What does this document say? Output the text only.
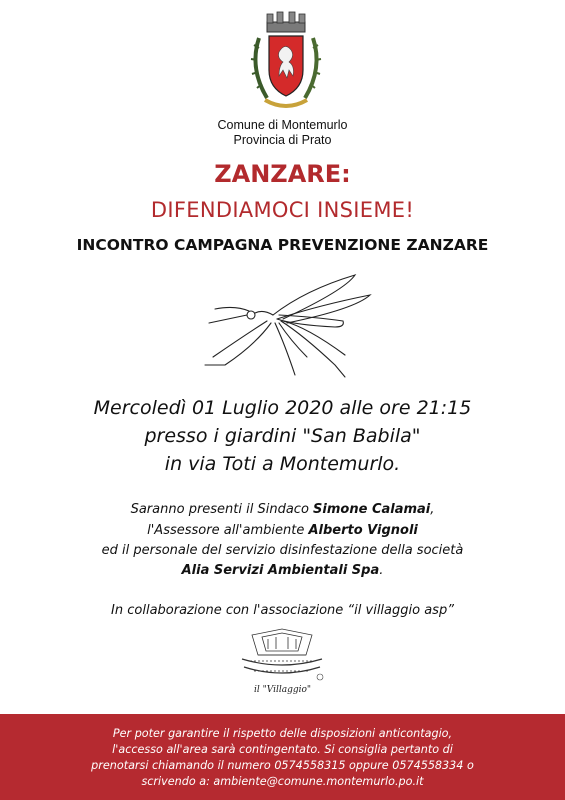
Comune di Montemurlo
Provincia di Prato
ZANZARE:
DIFENDIAMOCI INSIEME!
INCONTRO CAMPAGNA PREVENZIONE ZANZARE
Mercoledì 01 Luglio 2020 alle ore 21:15
presso i giardini "San Babila"
in via Toti a Montemurlo.
Saranno presenti il Sindaco Simone Calamai,
l'Assessore all'ambiente Alberto Vignoli
ed il personale del servizio disinfestazione della società
Alia Servizi Ambientali Spa.
In collaborazione con l'associazione “il villaggio asp”
il "Villaggio"
Per poter garantire il rispetto delle disposizioni anticontagio,
l'accesso all'area sarà contingentato. Si consiglia pertanto di
prenotarsi chiamando il numero 0574558315 oppure 0574558334 o
scrivendo a: ambiente@comune.montemurlo.po.it
